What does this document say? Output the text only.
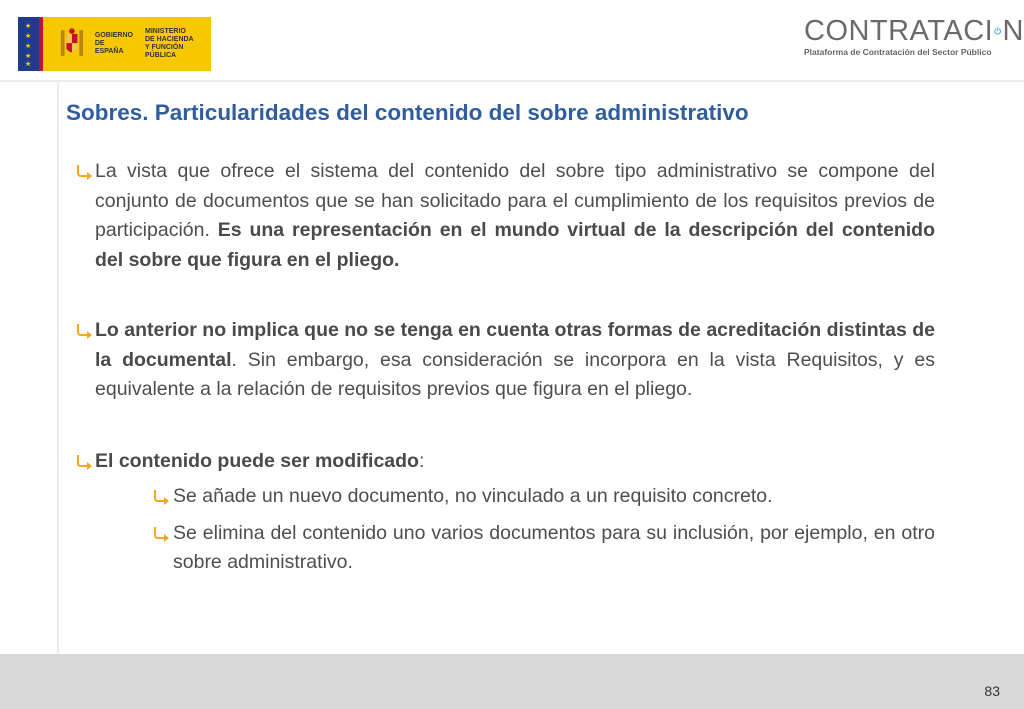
★
★
★
★
★
GOBIERNO
DE ESPAÑA
MINISTERIO
DE HACIENDA
Y FUNCIÓN PÚBLICA
CONTRATACI N
Plataforma de Contratación del Sector Público
Sobres. Particularidades del contenido del sobre administrativo
La vista que ofrece el sistema del contenido del sobre tipo administrativo se compone del conjunto de documentos que se han solicitado para el cumplimiento de los requisitos previos de participación. Es una representación en el mundo virtual de la descripción del contenido del sobre que figura en el pliego.
Lo anterior no implica que no se tenga en cuenta otras formas de acreditación distintas de la documental. Sin embargo, esa consideración se incorpora en la vista Requisitos, y es equivalente a la relación de requisitos previos que figura en el pliego.
El contenido puede ser modificado:
Se añade un nuevo documento, no vinculado a un requisito concreto.
Se elimina del contenido uno varios documentos para su inclusión, por ejemplo, en otro sobre administrativo.
83
